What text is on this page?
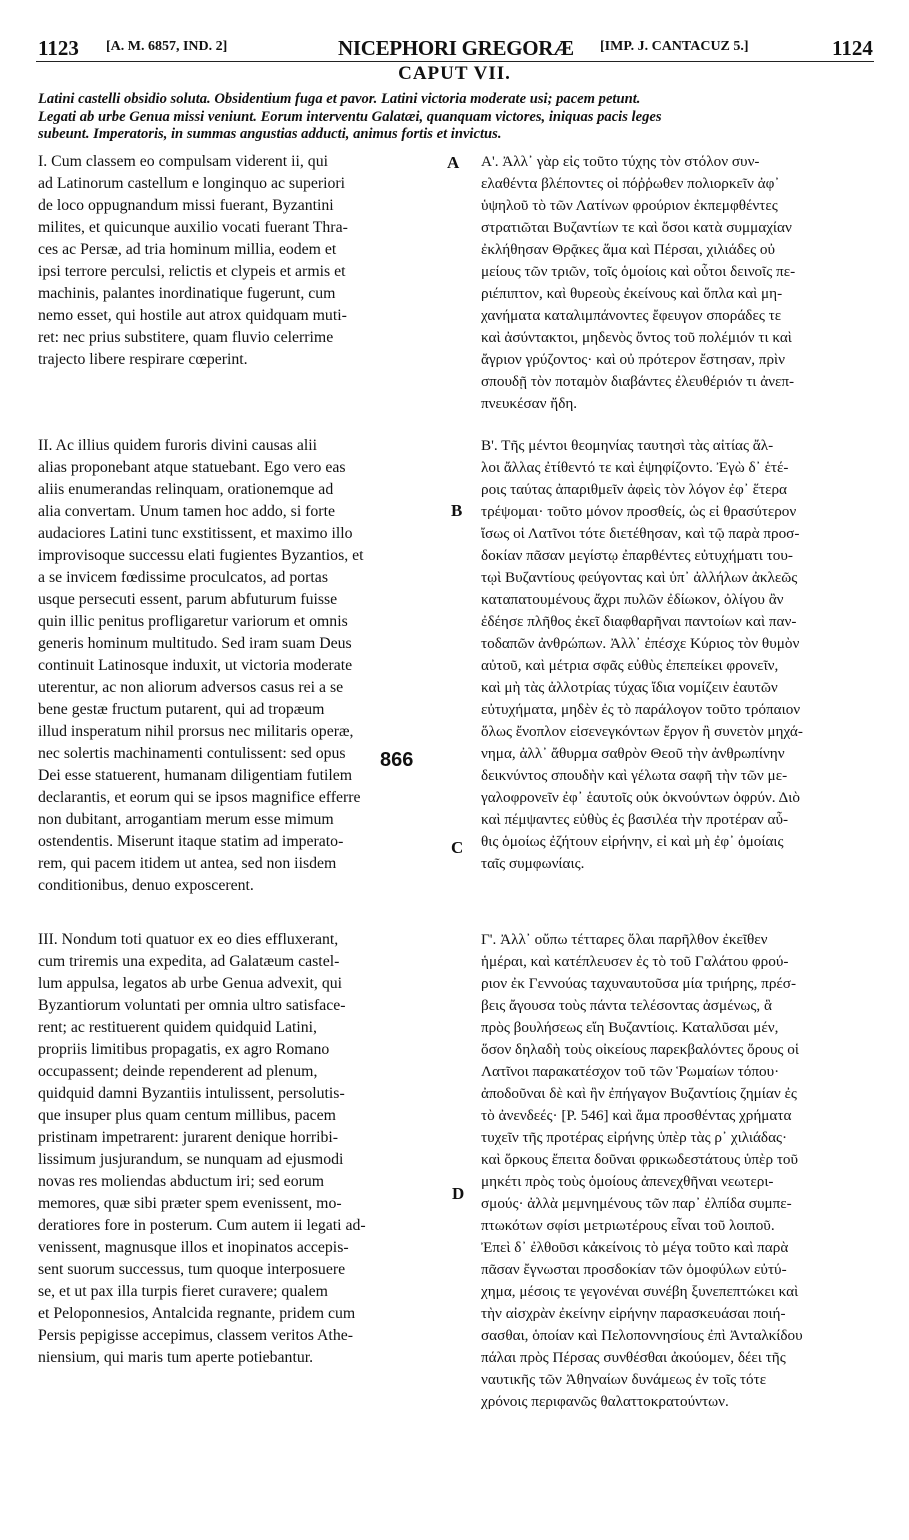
1123 [A. M. 6857, IND. 2]	NICEPHORI GREGORÆ [IMP. J. CANTACUZ 5.]	1124
CAPUT VII.
Latini castelli obsidio soluta. Obsidentium fuga et pavor. Latini victoria moderate usi; pacem petunt.
Legati ab urbe Genua missi veniunt. Eorum interventu Galatæi, quanquam victores, iniquas pacis leges
subeunt. Imperatoris, in summas angustias adducti, animus fortis et invictus.
I. Cum classem eo compulsam viderent ii, qui
ad Latinorum castellum e longinquo ac superiori
de loco oppugnandum missi fuerant, Byzantini
milites, et quicunque auxilio vocati fuerant Thra-
ces ac Persæ, ad tria hominum millia, eodem et
ipsi terrore perculsi, relictis et clypeis et armis et
machinis, palantes inordinatique fugerunt, cum
nemo esset, qui hostile aut atrox quidquam muti-
ret: nec prius substitere, quam fluvio celerrime
trajecto libere respirare cœperint.
II. Ac illius quidem furoris divini causas alii
alias proponebant atque statuebant. Ego vero eas
aliis enumerandas relinquam, orationemque ad
alia convertam. Unum tamen hoc addo, si forte
audaciores Latini tunc exstitissent, et maximo illo
improvisoque successu elati fugientes Byzantios, et
a se invicem fœdissime proculcatos, ad portas
usque persecuti essent, parum abfuturum fuisse
quin illic penitus profligaretur variorum et omnis
generis hominum multitudo. Sed iram suam Deus
continuit Latinosque induxit, ut victoria moderate
uterentur, ac non aliorum adversos casus rei a se
bene gestæ fructum putarent, qui ad tropæum
illud insperatum nihil prorsus nec militaris operæ,
nec solertis machinamenti contulissent: sed opus
Dei esse statuerent, humanam diligentiam futilem
declarantis, et eorum qui se ipsos magnifice efferre
non dubitant, arrogantiam merum esse mimum
ostendentis. Miserunt itaque statim ad imperato-
rem, qui pacem itidem ut antea, sed non iisdem
conditionibus, denuo exposcerent.
III. Nondum toti quatuor ex eo dies effluxerant,
cum triremis una expedita, ad Galatæum castel-
lum appulsa, legatos ab urbe Genua advexit, qui
Byzantiorum voluntati per omnia ultro satisface-
rent; ac restituerent quidem quidquid Latini,
propriis limitibus propagatis, ex agro Romano
occupassent; deinde rependerent ad plenum,
quidquid damni Byzantiis intulissent, persolutis-
que insuper plus quam centum millibus, pacem
pristinam impetrarent: jurarent denique horribi-
lissimum jusjurandum, se nunquam ad ejusmodi
novas res moliendas abductum iri; sed eorum
memores, quæ sibi præter spem evenissent, mo-
deratiores fore in posterum. Cum autem ii legati ad-
venissent, magnusque illos et inopinatos accepis-
sent suorum successus, tum quoque interposuere
se, et ut pax illa turpis fieret curavere; qualem
et Peloponnesios, Antalcida regnante, pridem cum
Persis pepigisse accepimus, classem veritos Athe-
niensium, qui maris tum aperte potiebantur.
Α'. Ἀλλ᾽ γὰρ εἰς τοῦτο τύχης τὸν στόλον συν-
ελαθέντα βλέποντες οἱ πόῤῥωθεν πολιορκεῖν ἀφ᾽
ὑψηλοῦ τὸ τῶν Λατίνων φρούριον ἐκπεμφθέντες
στρατιῶται Βυζαντίων τε καὶ ὅσοι κατὰ συμμαχίαν
ἐκλήθησαν Θρᾷκες ἅμα καὶ Πέρσαι, χιλιάδες οὐ
μείους τῶν τριῶν, τοῖς ὁμοίοις καὶ οὗτοι δεινοῖς πε-
ριέπιπτον, καὶ θυρεοὺς ἐκείνους καὶ ὅπλα καὶ μη-
χανήματα καταλιμπάνοντες ἔφευγον σποράδες τε
καὶ ἀσύντακτοι, μηδενὸς ὄντος τοῦ πολέμιόν τι καὶ
ἄγριον γρύζοντος· καὶ οὐ πρότερον ἔστησαν, πρὶν
σπουδῇ τὸν ποταμὸν διαβάντες ἐλευθέριόν τι ἀνεπ-
πνευκέσαν ἤδη.
Β'. Τῆς μέντοι θεομηνίας ταυτησὶ τὰς αἰτίας ἄλ-
λοι ἄλλας ἐτίθεντό τε καὶ ἐψηφίζοντο. Ἐγὼ δ᾽ ἑτέ-
ροις ταύτας ἀπαριθμεῖν ἀφεὶς τὸν λόγον ἐφ᾽ ἕτερα
τρέψομαι· τοῦτο μόνον προσθείς, ὡς εἰ θρασύτερον
ἴσως οἱ Λατῖνοι τότε διετέθησαν, καὶ τῷ παρὰ προσ-
δοκίαν πᾶσαν μεγίστῳ ἐπαρθέντες εὐτυχήματι του-
τῳὶ Βυζαντίους φεύγοντας καὶ ὑπ᾽ ἀλλήλων ἀκλεῶς
καταπατουμένους ἄχρι πυλῶν ἐδίωκον, ὀλίγου ἂν
ἐδέησε πλῆθος ἐκεῖ διαφθαρῆναι παντοίων καὶ παν-
τοδαπῶν ἀνθρώπων. Ἀλλ᾽ ἐπέσχε Κύριος τὸν θυμὸν
αὐτοῦ, καὶ μέτρια σφᾶς εὐθὺς ἐπεπείκει φρονεῖν,
καὶ μὴ τὰς ἀλλοτρίας τύχας ἴδια νομίζειν ἑαυτῶν
εὐτυχήματα, μηδὲν ἐς τὸ παράλογον τοῦτο τρόπαιον
ὅλως ἔνοπλον εἰσενεγκόντων ἔργον ἢ συνετὸν μηχά-
νημα, ἀλλ᾽ ἄθυρμα σαθρὸν Θεοῦ τὴν ἀνθρωπίνην
δεικνύντος σπουδὴν καὶ γέλωτα σαφῆ τὴν τῶν με-
γαλοφρονεῖν ἐφ᾽ ἑαυτοῖς οὐκ ὀκνούντων ὀφρύν. Διὸ
καὶ πέμψαντες εὐθὺς ἐς βασιλέα τὴν προτέραν αὖ-
θις ὁμοίως ἐζήτουν εἰρήνην, εἰ καὶ μὴ ἐφ᾽ ὁμοίαις
ταῖς συμφωνίαις.
Γ'. Ἀλλ᾽ οὔπω τέτταρες ὅλαι παρῆλθον ἐκεῖθεν
ἡμέραι, καὶ κατέπλευσεν ἐς τὸ τοῦ Γαλάτου φρού-
ριον ἐκ Γεννούας ταχυναυτοῦσα μία τριήρης, πρέσ-
βεις ἄγουσα τοὺς πάντα τελέσοντας ἀσμένως, ἃ
πρὸς βουλήσεως εἴη Βυζαντίοις. Καταλῦσαι μέν,
ὅσον δηλαδὴ τοὺς οἰκείους παρεκβαλόντες ὅρους οἱ
Λατῖνοι παρακατέσχον τοῦ τῶν Ῥωμαίων τόπου·
ἀποδοῦναι δὲ καὶ ἣν ἐπήγαγον Βυζαντίοις ζημίαν ἐς
τὸ ἀνενδεές· [P. 546] καὶ ἅμα προσθέντας χρήματα
τυχεῖν τῆς προτέρας εἰρήνης ὑπὲρ τὰς ρ᾽ χιλιάδας·
καὶ ὅρκους ἔπειτα δοῦναι φρικωδεστάτους ὑπὲρ τοῦ
μηκέτι πρὸς τοὺς ὁμοίους ἀπενεχθῆναι νεωτερι-
σμούς· ἀλλὰ μεμνημένους τῶν παρ᾽ ἐλπίδα συμπε-
πτωκότων σφίσι μετριωτέρους εἶναι τοῦ λοιποῦ.
Ἐπεὶ δ᾽ ἐλθοῦσι κἀκείνοις τὸ μέγα τοῦτο καὶ παρὰ
πᾶσαν ἔγνωσται προσδοκίαν τῶν ὁμοφύλων εὐτύ-
χημα, μέσοις τε γεγονέναι συνέβη ξυνεπεπτώκει καὶ
τὴν αἰσχρὰν ἐκείνην εἰρήνην παρασκευάσαι ποιή-
σασθαι, ὁποίαν καὶ Πελοποννησίους ἐπὶ Ἀνταλκίδου
πάλαι πρὸς Πέρσας συνθέσθαι ἀκούομεν, δέει τῆς
ναυτικῆς τῶν Ἀθηναίων δυνάμεως ἐν τοῖς τότε
χρόνοις περιφανῶς θαλαττοκρατούντων.
A
B
C
D
866
